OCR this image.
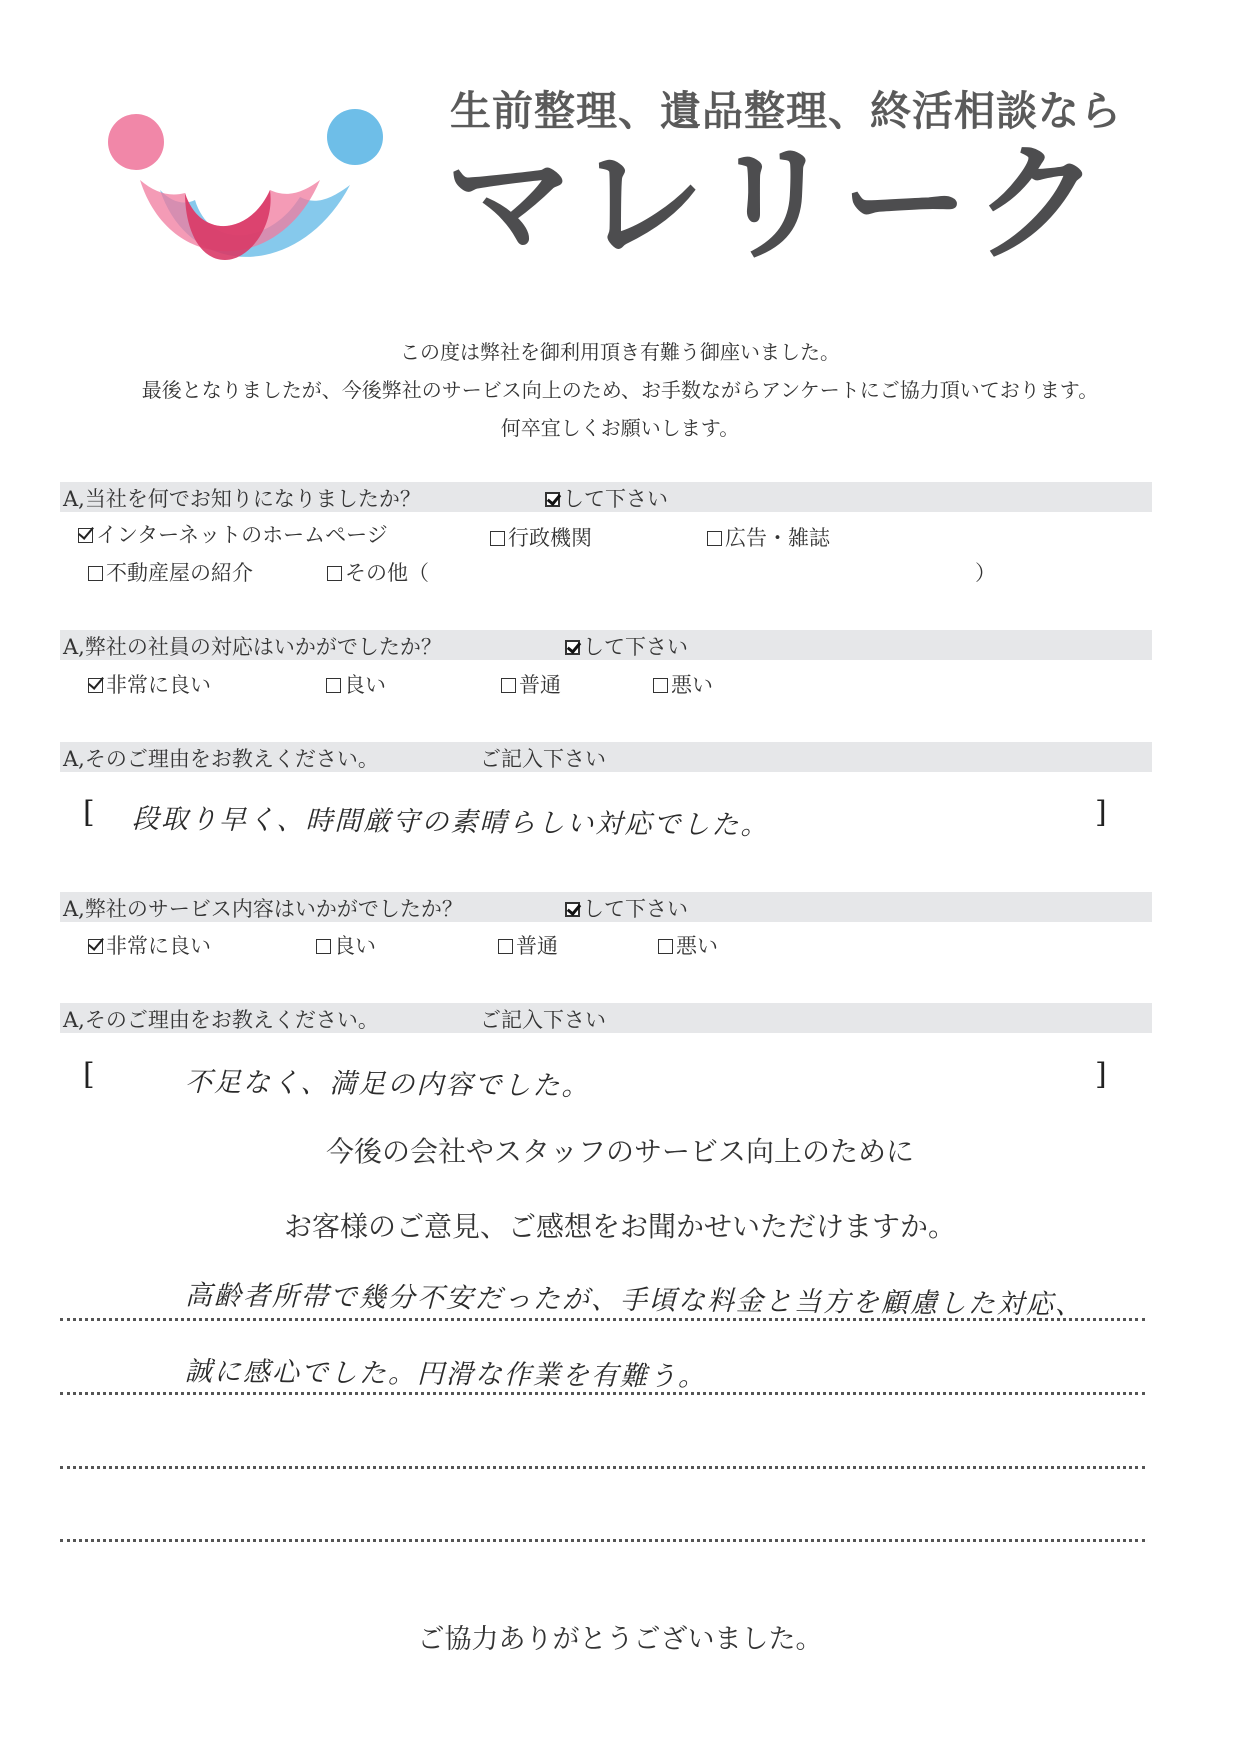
生前整理、遺品整理、終活相談なら
マレリーク
この度は弊社を御利用頂き有難う御座いました。
最後となりましたが、今後弊社のサービス向上のため、お手数ながらアンケートにご協力頂いております。
何卒宜しくお願いします。
A,当社を何でお知りになりましたか？	して下さい
インターネットのホームページ	行政機関	広告・雑誌
不動産屋の紹介	その他（	）
A,弊社の社員の対応はいかがでしたか？	して下さい
非常に良い	良い	普通	悪い
A,そのご理由をお教えください。	ご記入下さい
[ 段取り早く、時間厳守の素晴らしい対応でした。	]
A,弊社のサービス内容はいかがでしたか？	して下さい
非常に良い	良い	普通	悪い
A,そのご理由をお教えください。	ご記入下さい
[	不足なく、満足の内容でした。	]
今後の会社やスタッフのサービス向上のために
お客様のご意見、ご感想をお聞かせいただけますか。
高齢者所帯で幾分不安だったが、手頃な料金と当方を顧慮した対応、
誠に感心でした。円滑な作業を有難う。
ご協力ありがとうございました。
